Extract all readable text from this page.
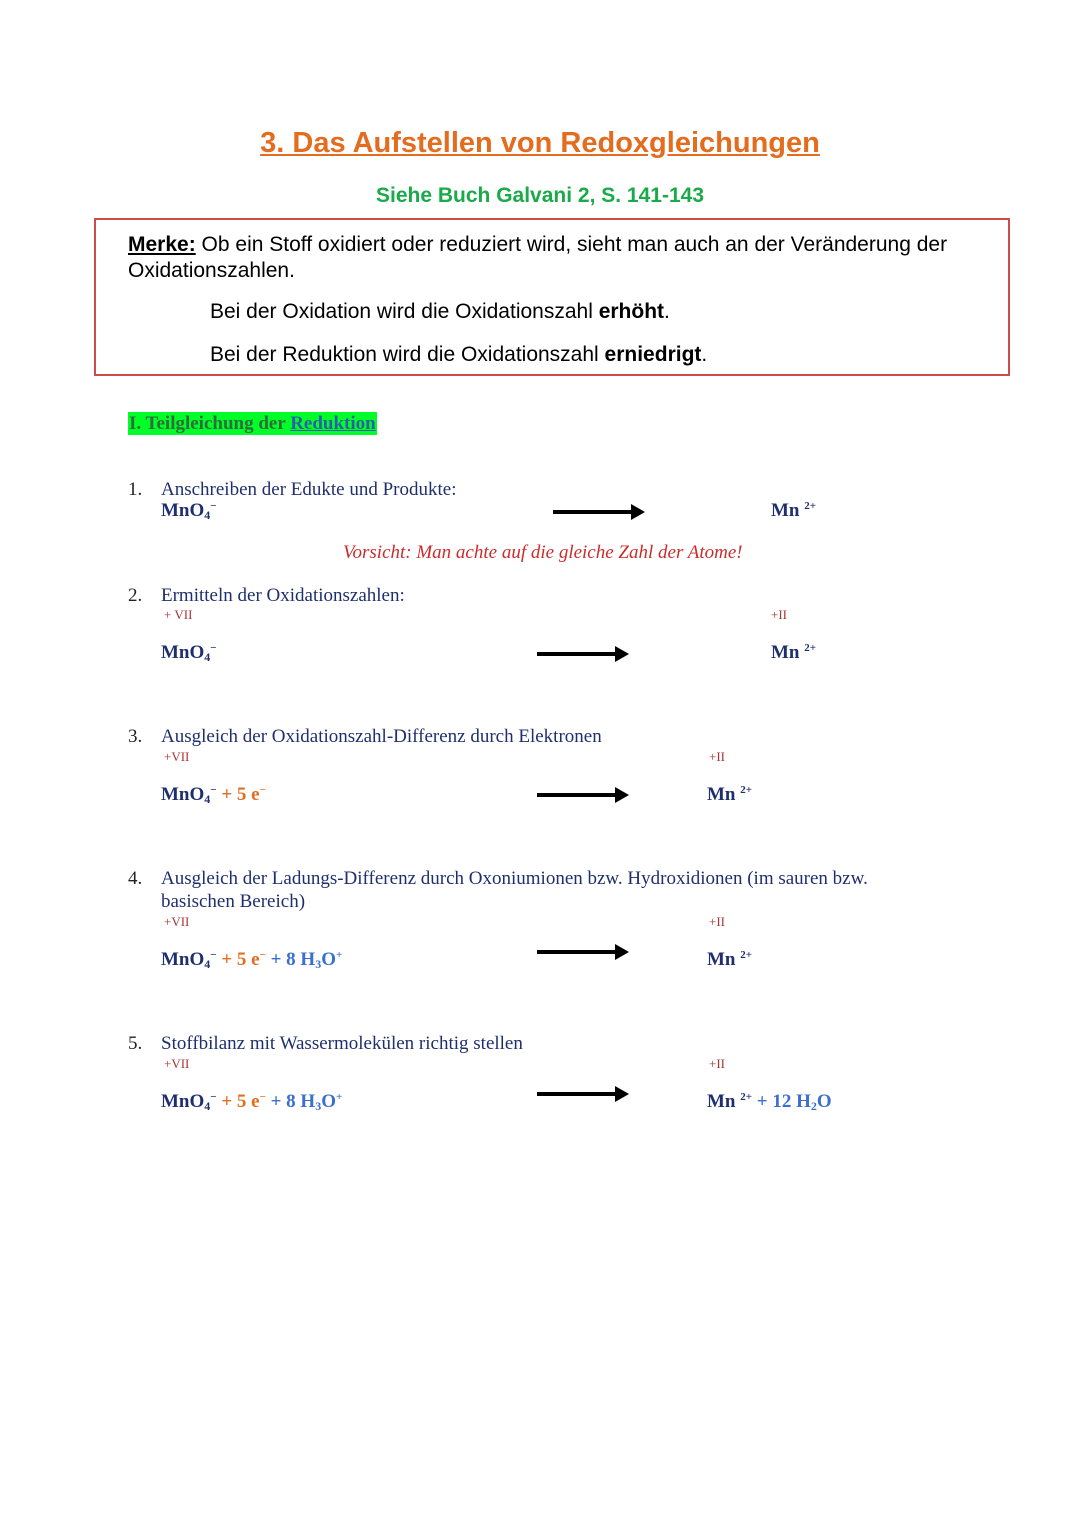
3. Das Aufstellen von Redoxgleichungen
Siehe Buch Galvani 2, S. 141-143
Merke: Ob ein Stoff oxidiert oder reduziert wird, sieht man auch an der Veränderung der Oxidationszahlen.
Bei der Oxidation wird die Oxidationszahl erhöht.
Bei der Reduktion wird die Oxidationszahl erniedrigt.
I. Teilgleichung der Reduktion
1. Anschreiben der Edukte und Produkte:
MnO$_4$−	Mn $^{2+}$
Vorsicht: Man achte auf die gleiche Zahl der Atome!
2. Ermitteln der Oxidationszahlen:
+ VII	+II
MnO$_4$−	Mn $^{2+}$
3. Ausgleich der Oxidationszahl-Differenz durch Elektronen
+VII	+II
MnO$_4$− + 5 e−	Mn $^{2+}$
4. Ausgleich der Ladungs-Differenz durch Oxoniumionen bzw. Hydroxidionen (im sauren bzw.
basischen Bereich)
+VII	+II
MnO$_4$− + 5 e− + 8 $H_3O^+$	Mn $^{2+}$
5. Stoffbilanz mit Wassermolekülen richtig stellen
+VII	+II
MnO$_4$− + 5 e− + 8 $H_3O^+$	Mn $^{2+}$ + 12 $H_2O$
